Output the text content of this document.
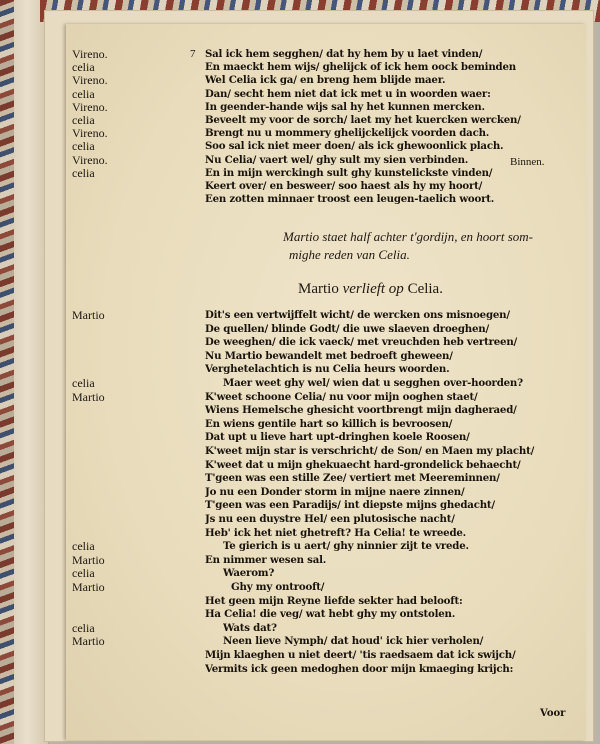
7
Vireno.	Sal ick hem segghen/ dat hy hem by u laet vinden/
celia	En maeckt hem wijs/ ghelijck of ick hem oock beminden
Vireno.	Wel Celia ick ga/ en breng hem blijde maer.
celia	Dan/ secht hem niet dat ick met u in woorden waer:
Vireno.	In geender-hande wijs sal hy het kunnen mercken.
celia	Beveelt my voor de sorch/ laet my het kuercken wercken/
Vireno.	Brengt nu u mommery ghelijckelijck voorden dach.
celia	Soo sal ick niet meer doen/ als ick ghewoonlick plach.
Vireno.	Nu Celia/ vaert wel/ ghy sult my sien verbinden.
celia	En in mijn werckingh sult ghy kunstelickste vinden/
Keert over/ en besweer/ soo haest als hy my hoort/
Een zotten minnaer troost een leugen-taelich woort.
Binnen.
Martio staet half achter t'gordijn, en hoort som-
mighe reden van Celia.
Martio verlieft op Celia.
Martio	Dit's een vertwijffelt wicht/ de wercken ons misnoegen/
De quellen/ blinde Godt/ die uwe slaeven droeghen/
De weeghen/ die ick vaeck/ met vreuchden heb vertreen/
Nu Martio bewandelt met bedroeft gheween/
Verghetelachtich is nu Celia heurs woorden.
celia	Maer weet ghy wel/ wien dat u segghen over-hoorden?
Martio	K'weet schoone Celia/ nu voor mijn ooghen staet/
Wiens Hemelsche ghesicht voortbrengt mijn dagheraed/
En wiens gentile hart so killich is bevroosen/
Dat upt u lieve hart upt-dringhen koele Roosen/
K'weet mijn star is verschricht/ de Son/ en Maen my placht/
K'weet dat u mijn ghekuaecht hard-grondelick behaecht/
T'geen was een stille Zee/ vertiert met Meereminnen/
Jo nu een Donder storm in mijne naere zinnen/
T'geen was een Paradijs/ int diepste mijns ghedacht/
Js nu een duystre Hel/ een plutosische nacht/
Heb' ick het niet ghetreft? Ha Celia! te wreede.
celia	Te gierich is u aert/ ghy ninnier zijt te vrede.
Martio	En nimmer wesen sal.
celia	Waerom?
Martio	Ghy my ontrooft/
Het geen mijn Reyne liefde sekter had belooft:
Ha Celia! die veg/ wat hebt ghy my ontstolen.
celia	Wats dat?
Martio	Neen lieve Nymph/ dat houd' ick hier verholen/
Mijn klaeghen u niet deert/ 'tis raedsaem dat ick swijch/
Vermits ick geen medoghen door mijn kmaeging krijch:
Voor
